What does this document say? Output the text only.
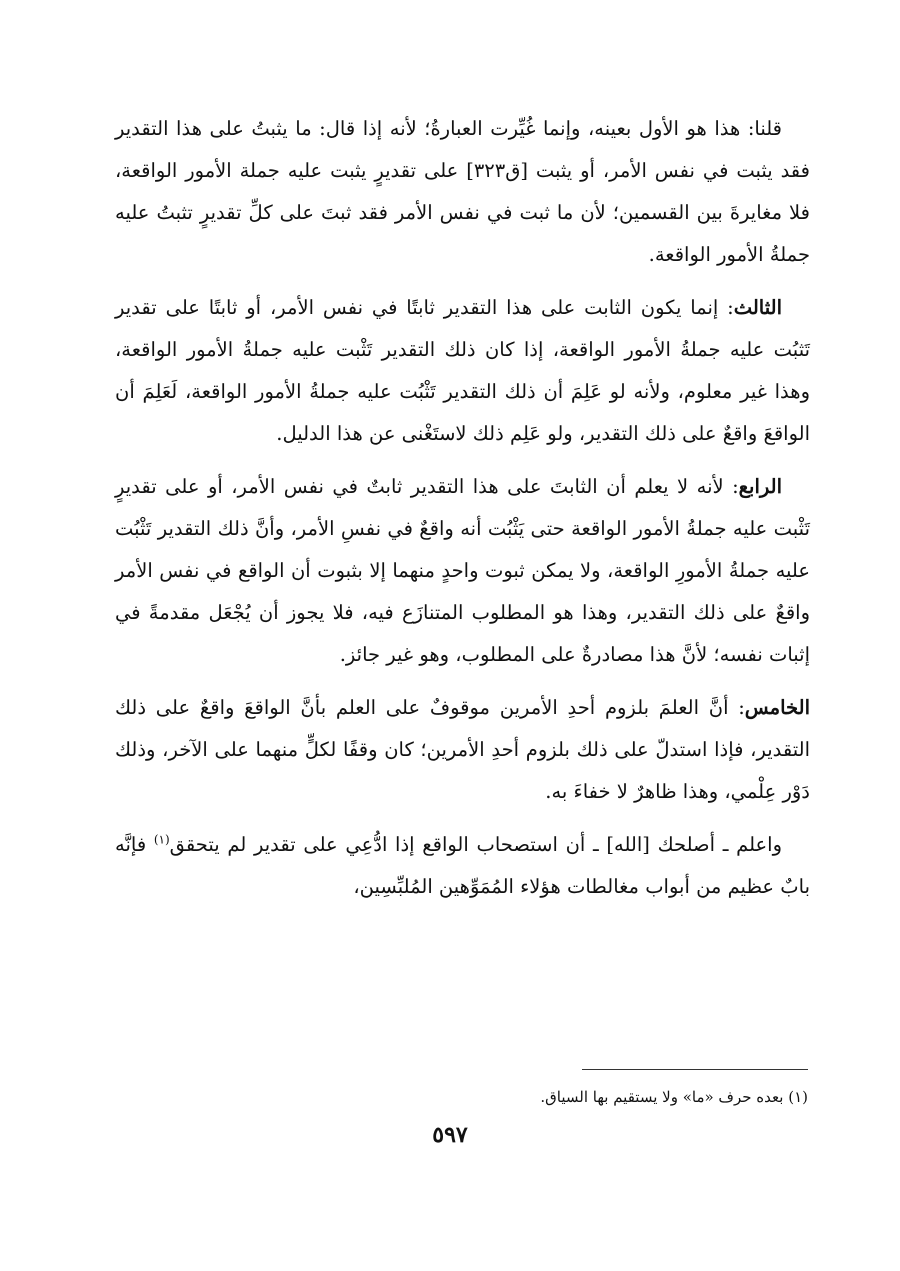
قلنا: هذا هو الأول بعينه، وإنما غُيِّرت العبارةُ؛ لأنه إذا قال: ما يثبتُ على هذا التقدير فقد يثبت في نفس الأمر، أو يثبت [ق٣٢٣] على تقديرٍ يثبت عليه جملة الأمور الواقعة، فلا مغايرةَ بين القسمين؛ لأن ما ثبت في نفس الأمر فقد ثبتَ على كلِّ تقديرٍ تثبتُ عليه جملةُ الأمور الواقعة.

الثالث: إنما يكون الثابت على هذا التقدير ثابتًا في نفس الأمر، أو ثابتًا على تقدير تَثبُت عليه جملةُ الأمور الواقعة، إذا كان ذلك التقدير تَثْبت عليه جملةُ الأمور الواقعة، وهذا غير معلوم، ولأنه لو عَلِمَ أن ذلك التقدير تَثْبُت عليه جملةُ الأمور الواقعة، لَعَلِمَ أن الواقعَ واقعٌ على ذلك التقدير، ولو عَلِم ذلك لاستَغْنى عن هذا الدليل.

الرابع: لأنه لا يعلم أن الثابتَ على هذا التقدير ثابتٌ في نفس الأمر، أو على تقديرٍ تَثْبت عليه جملةُ الأمور الواقعة حتى يَثْبُت أنه واقعٌ في نفسِ الأمر، وأنَّ ذلك التقدير تَثْبُت عليه جملةُ الأمورِ الواقعة، ولا يمكن ثبوت واحدٍ منهما إلا بثبوت أن الواقع في نفس الأمر واقعٌ على ذلك التقدير، وهذا هو المطلوب المتنازَع فيه، فلا يجوز أن يُجْعَل مقدمةً في إثبات نفسه؛ لأنَّ هذا مصادرةٌ على المطلوب، وهو غير جائز.

الخامس: أنَّ العلمَ بلزوم أحدِ الأمرين موقوفٌ على العلم بأنَّ الواقعَ واقعٌ على ذلك التقدير، فإذا استدلّ على ذلك بلزوم أحدِ الأمرين؛ كان وقفًا لكلٍّ منهما على الآخر، وذلك دَوْر عِلْمي، وهذا ظاهرٌ لا خفاءَ به.

واعلم ـ أصلحك [الله] ـ أن استصحاب الواقع إذا ادُّعِي على تقدير لم يتحقق$^{(١)}$ فإنَّه بابٌ عظيم من أبواب مغالطات هؤلاء المُمَوِّهين المُلبِّسِين،

(١) بعده حرف «ما» ولا يستقيم بها السياق.
٥٩٧
